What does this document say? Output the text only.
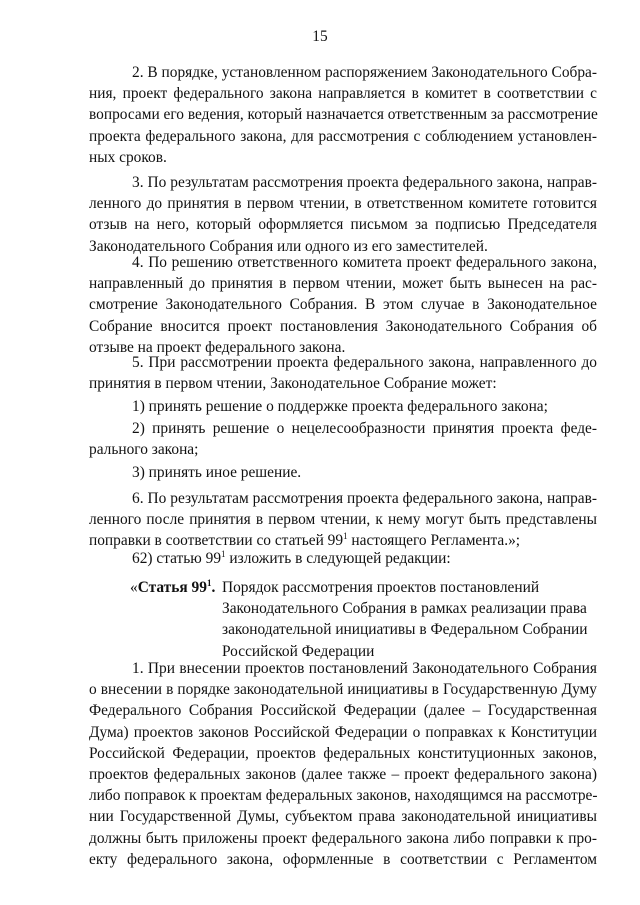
15
2. В порядке, установленном распоряжением Законодательного Собра-
ния, проект федерального закона направляется в комитет в соответствии с
вопросами его ведения, который назначается ответственным за рассмотрение
проекта федерального закона, для рассмотрения с соблюдением установлен-
ных сроков.
3. По результатам рассмотрения проекта федерального закона, направ-
ленного до принятия в первом чтении, в ответственном комитете готовится
отзыв на него, который оформляется письмом за подписью Председателя
Законодательного Собрания или одного из его заместителей.
4. По решению ответственного комитета проект федерального закона,
направленный до принятия в первом чтении, может быть вынесен на рас-
смотрение Законодательного Собрания. В этом случае в Законодательное
Собрание вносится проект постановления Законодательного Собрания об
отзыве на проект федерального закона.
5. При рассмотрении проекта федерального закона, направленного до
принятия в первом чтении, Законодательное Собрание может:
1) принять решение о поддержке проекта федерального закона;
2) принять решение о нецелесообразности принятия проекта феде-
рального закона;
3) принять иное решение.
6. По результатам рассмотрения проекта федерального закона, направ-
ленного после принятия в первом чтении, к нему могут быть представлены
поправки в соответствии со статьей $99^1$ настоящего Регламента.»;
62) статью $99^1$ изложить в следующей редакции:
«Статья $99^1$. Порядок рассмотрения проектов постановлений
Законодательного Собрания в рамках реализации права
законодательной инициативы в Федеральном Собрании
Российской Федерации
1. При внесении проектов постановлений Законодательного Собрания
о внесении в порядке законодательной инициативы в Государственную Думу
Федерального Собрания Российской Федерации (далее – Государственная
Дума) проектов законов Российской Федерации о поправках к Конституции
Российской Федерации, проектов федеральных конституционных законов,
проектов федеральных законов (далее также – проект федерального закона)
либо поправок к проектам федеральных законов, находящимся на рассмотре-
нии Государственной Думы, субъектом права законодательной инициативы
должны быть приложены проект федерального закона либо поправки к про-
екту федерального закона, оформленные в соответствии с Регламентом
